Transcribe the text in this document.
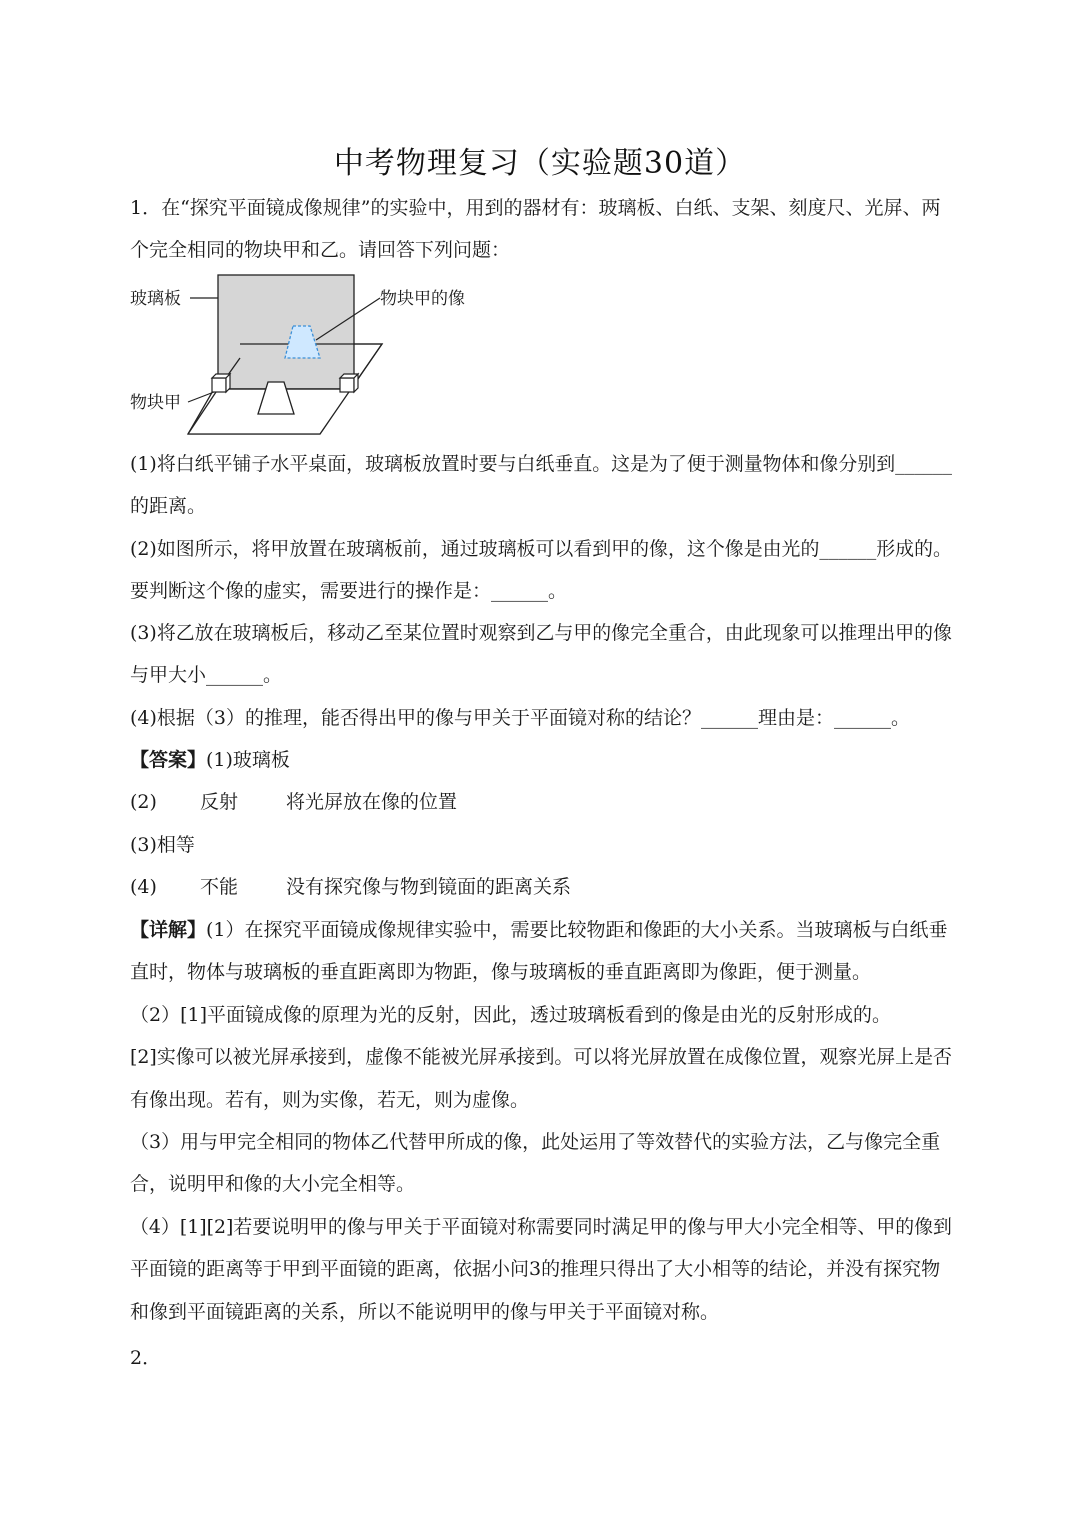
中考物理复习（实验题30道）
1．在“探究平面镜成像规律”的实验中，用到的器材有：玻璃板、白纸、支架、刻度尺、光屏、两
个完全相同的物块甲和乙。请回答下列问题：
玻璃板	物块甲的像
物块甲
(1)将白纸平铺子水平桌面，玻璃板放置时要与白纸垂直。这是为了便于测量物体和像分别到______
的距离。
(2)如图所示，将甲放置在玻璃板前，通过玻璃板可以看到甲的像，这个像是由光的______形成的。
要判断这个像的虚实，需要进行的操作是：______。
(3)将乙放在玻璃板后，移动乙至某位置时观察到乙与甲的像完全重合，由此现象可以推理出甲的像
与甲大小______。
(4)根据（3）的推理，能否得出甲的像与甲关于平面镜对称的结论？______理由是：______。
【答案】(1)玻璃板
(2) 反射	将光屏放在像的位置
(3)相等
(4) 不能	没有探究像与物到镜面的距离关系
【详解】(1）在探究平面镜成像规律实验中，需要比较物距和像距的大小关系。当玻璃板与白纸垂
直时，物体与玻璃板的垂直距离即为物距，像与玻璃板的垂直距离即为像距，便于测量。
（2）[1]平面镜成像的原理为光的反射，因此，透过玻璃板看到的像是由光的反射形成的。
[2]实像可以被光屏承接到，虚像不能被光屏承接到。可以将光屏放置在成像位置，观察光屏上是否
有像出现。若有，则为实像，若无，则为虚像。
（3）用与甲完全相同的物体乙代替甲所成的像，此处运用了等效替代的实验方法，乙与像完全重
合，说明甲和像的大小完全相等。
（4）[1][2]若要说明甲的像与甲关于平面镜对称需要同时满足甲的像与甲大小完全相等、甲的像到
平面镜的距离等于甲到平面镜的距离，依据小问3的推理只得出了大小相等的结论，并没有探究物
和像到平面镜距离的关系，所以不能说明甲的像与甲关于平面镜对称。
2．
